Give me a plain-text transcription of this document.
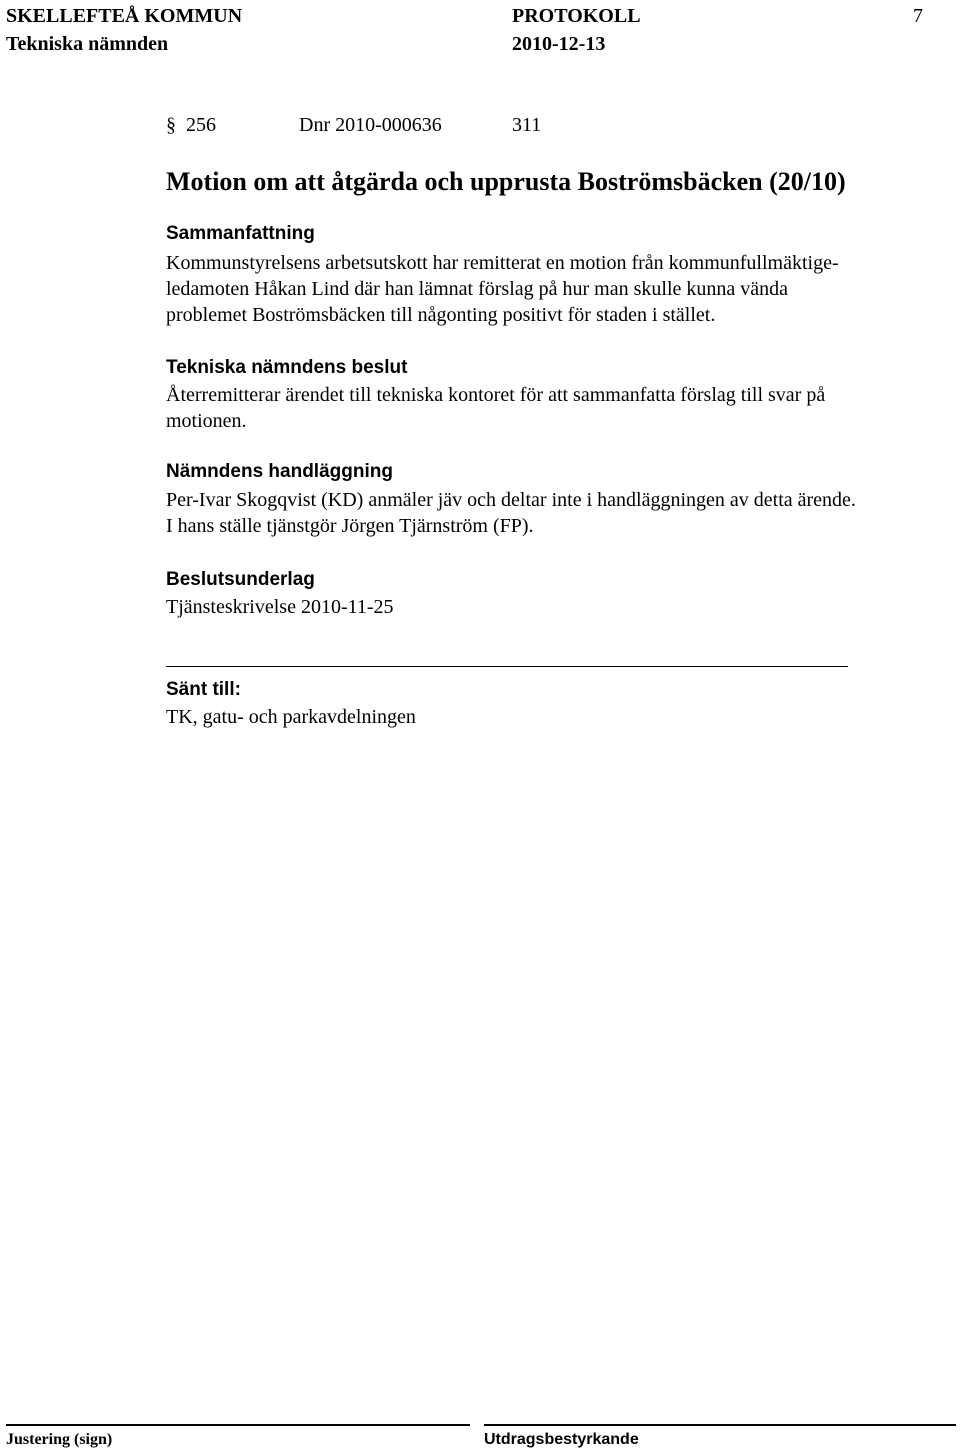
SKELLEFTEÅ KOMMUN	PROTOKOLL	7
Tekniska nämnden	2010-12-13
§ 256	Dnr 2010-000636	311
Motion om att åtgärda och upprusta Boströmsbäcken (20/10)
Sammanfattning
Kommunstyrelsens arbetsutskott har remitterat en motion från kommunfullmäktige-
ledamoten Håkan Lind där han lämnat förslag på hur man skulle kunna vända
problemet Boströmsbäcken till någonting positivt för staden i stället.
Tekniska nämndens beslut
Återremitterar ärendet till tekniska kontoret för att sammanfatta förslag till svar på
motionen.
Nämndens handläggning
Per-Ivar Skogqvist (KD) anmäler jäv och deltar inte i handläggningen av detta ärende.
I hans ställe tjänstgör Jörgen Tjärnström (FP).
Beslutsunderlag
Tjänsteskrivelse 2010-11-25
Sänt till:
TK, gatu- och parkavdelningen
Justering (sign)	Utdragsbestyrkande
